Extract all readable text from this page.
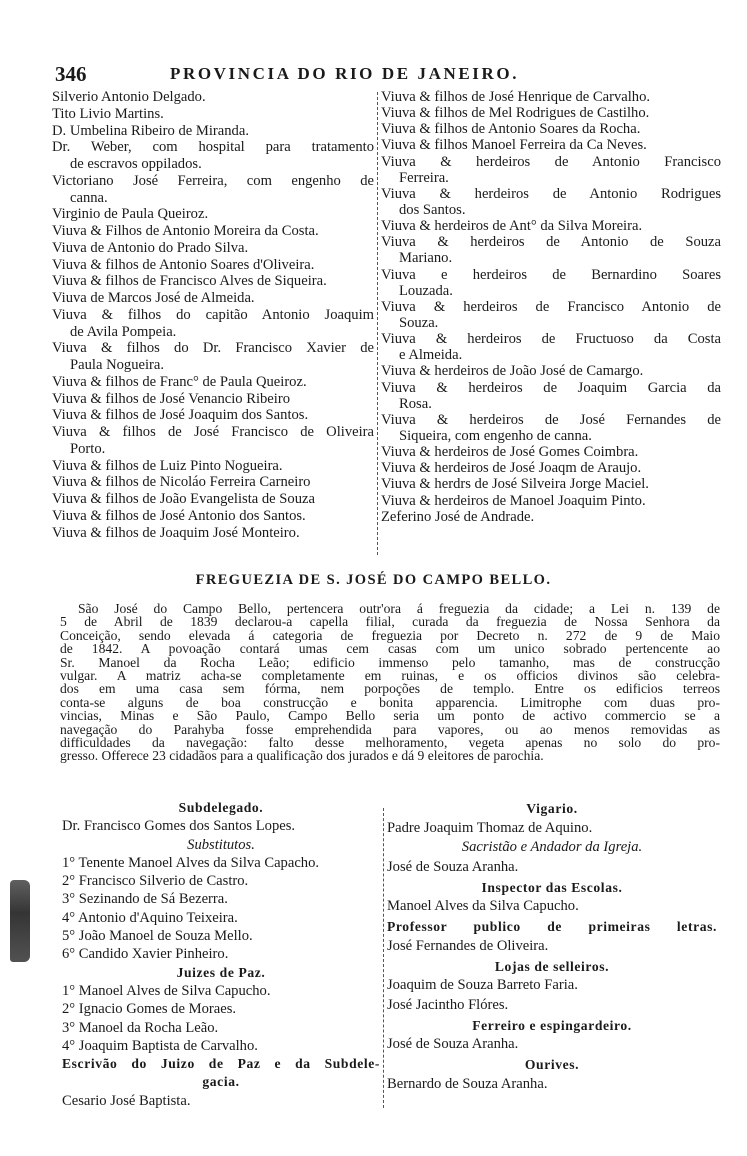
346	PROVINCIA DO RIO DE JANEIRO.
Silverio Antonio Delgado.
Tito Livio Martins.
D. Umbelina Ribeiro de Miranda.
Dr. Weber, com hospital para tratamento
de escravos oppilados.
Victoriano José Ferreira, com engenho de
canna.
Virginio de Paula Queiroz.
Viuva & Filhos de Antonio Moreira da Costa.
Viuva de Antonio do Prado Silva.
Viuva & filhos de Antonio Soares d'Oliveira.
Viuva & filhos de Francisco Alves de Siqueira.
Viuva de Marcos José de Almeida.
Viuva & filhos do capitão Antonio Joaquim
de Avila Pompeia.
Viuva & filhos do Dr. Francisco Xavier de
Paula Nogueira.
Viuva & filhos de Franc° de Paula Queiroz.
Viuva & filhos de José Venancio Ribeiro
Viuva & filhos de José Joaquim dos Santos.
Viuva & filhos de José Francisco de Oliveira
Porto.
Viuva & filhos de Luiz Pinto Nogueira.
Viuva & filhos de Nicoláo Ferreira Carneiro
Viuva & filhos de João Evangelista de Souza
Viuva & filhos de José Antonio dos Santos.
Viuva & filhos de Joaquim José Monteiro.
Viuva & filhos de José Henrique de Carvalho.
Viuva & filhos de Mel Rodrigues de Castilho.
Viuva & filhos de Antonio Soares da Rocha.
Viuva & filhos Manoel Ferreira da Ca Neves.
Viuva & herdeiros de Antonio Francisco
Ferreira.
Viuva & herdeiros de Antonio Rodrigues
dos Santos.
Viuva & herdeiros de Ant° da Silva Moreira.
Viuva & herdeiros de Antonio de Souza
Mariano.
Viuva e herdeiros de Bernardino Soares
Louzada.
Viuva & herdeiros de Francisco Antonio de
Souza.
Viuva & herdeiros de Fructuoso da Costa
e Almeida.
Viuva & herdeiros de João José de Camargo.
Viuva & herdeiros de Joaquim Garcia da
Rosa.
Viuva & herdeiros de José Fernandes de
Siqueira, com engenho de canna.
Viuva & herdeiros de José Gomes Coimbra.
Viuva & herdeiros de José Joaqm de Araujo.
Viuva & herdrs de José Silveira Jorge Maciel.
Viuva & herdeiros de Manoel Joaquim Pinto.
Zeferino José de Andrade.
FREGUEZIA DE S. JOSÉ DO CAMPO BELLO.
São José do Campo Bello, pertencera outr'ora á freguezia da cidade; a Lei n. 139 de
5 de Abril de 1839 declarou-a capella filial, curada da freguezia de Nossa Senhora da
Conceição, sendo elevada á categoria de freguezia por Decreto n. 272 de 9 de Maio
de 1842. A povoação contará umas cem casas com um unico sobrado pertencente ao
Sr. Manoel da Rocha Leão; edificio immenso pelo tamanho, mas de construcção
vulgar. A matriz acha-se completamente em ruinas, e os officios divinos são celebra-
dos em uma casa sem fórma, nem porpoções de templo. Entre os edificios terreos
conta-se alguns de boa construcção e bonita apparencia. Limitrophe com duas pro-
vincias, Minas e São Paulo, Campo Bello seria um ponto de activo commercio se a
navegação do Parahyba fosse emprehendida para vapores, ou ao menos removidas as
difficuldades da navegação: falto desse melhoramento, vegeta apenas no solo do pro-
gresso. Offerece 23 cidadãos para a qualificação dos jurados e dá 9 eleitores de parochia.
Subdelegado.
Dr. Francisco Gomes dos Santos Lopes.
Substitutos.
1° Tenente Manoel Alves da Silva Capacho.
2° Francisco Silverio de Castro.
3° Sezinando de Sá Bezerra.
4° Antonio d'Aquino Teixeira.
5° João Manoel de Souza Mello.
6° Candido Xavier Pinheiro.
Juizes de Paz.
1° Manoel Alves de Silva Capucho.
2° Ignacio Gomes de Moraes.
3° Manoel da Rocha Leão.
4° Joaquim Baptista de Carvalho.
Escrivão do Juizo de Paz e da Subdele-
gacia.
Cesario José Baptista.
Vigario.
Padre Joaquim Thomaz de Aquino.
Sacristão e Andador da Igreja.
José de Souza Aranha.
Inspector das Escolas.
Manoel Alves da Silva Capucho.
Professor publico de primeiras letras.
José Fernandes de Oliveira.
Lojas de selleiros.
Joaquim de Souza Barreto Faria.
José Jacintho Flóres.
Ferreiro e espingardeiro.
José de Souza Aranha.
Ourives.
Bernardo de Souza Aranha.
